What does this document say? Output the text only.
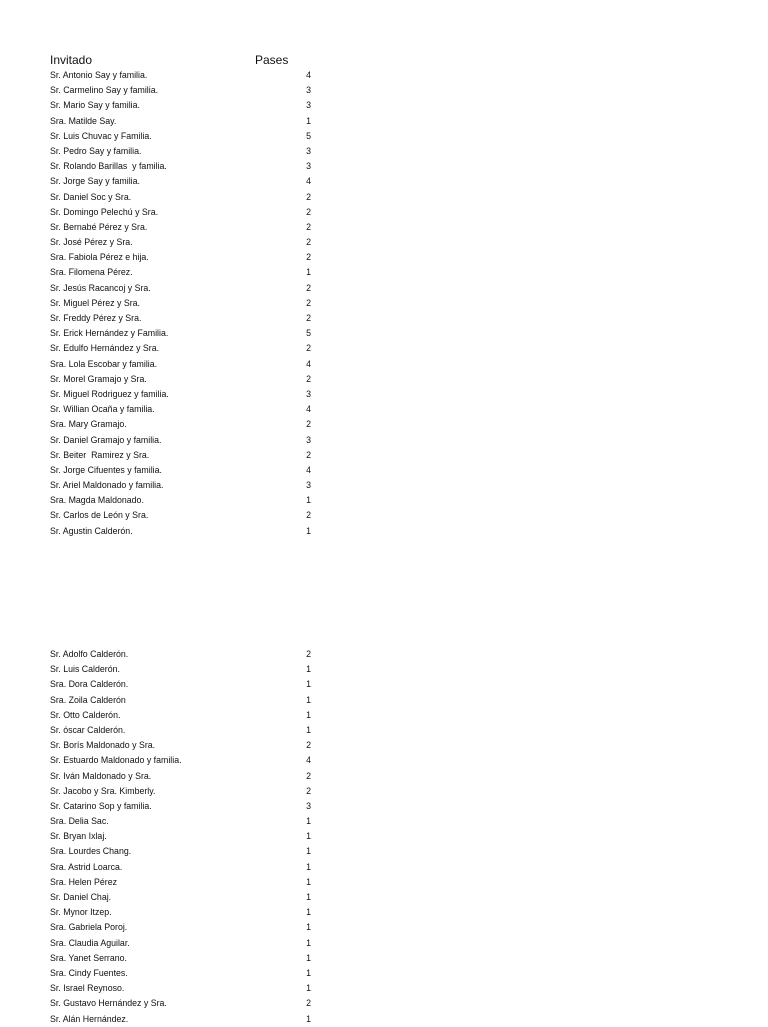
Invitado	Pases
Sr. Antonio Say y familia.	4
Sr. Carmelino Say y familia.	3
Sr. Mario Say y familia.	3
Sra. Matilde Say.	1
Sr. Luis Chuvac y Familia.	5
Sr. Pedro Say y familia.	3
Sr. Rolando Barillas  y familia.	3
Sr. Jorge Say y familia.	4
Sr. Daniel Soc y Sra.	2
Sr. Domingo Pelechú y Sra.	2
Sr. Bernabé Pérez y Sra.	2
Sr. José Pérez y Sra.	2
Sra. Fabiola Pérez e hija.	2
Sra. Filomena Pérez.	1
Sr. Jesús Racancoj y Sra.	2
Sr. Miguel Pérez y Sra.	2
Sr. Freddy Pérez y Sra.	2
Sr. Erick Hernández y Familia.	5
Sr. Edulfo Hernández y Sra.	2
Sra. Lola Escobar y familia.	4
Sr. Morel Gramajo y Sra.	2
Sr. Miguel Rodriguez y familia.	3
Sr. Willian Ocaña y familia.	4
Sra. Mary Gramajo.	2
Sr. Daniel Gramajo y familia.	3
Sr. Beiter  Ramirez y Sra.	2
Sr. Jorge Cifuentes y familia.	4
Sr. Ariel Maldonado y familia.	3
Sra. Magda Maldonado.	1
Sr. Carlos de León y Sra.	2
Sr. Agustin Calderón.	1
Sr. Adolfo Calderón.	2
Sr. Luis Calderón.	1
Sra. Dora Calderón.	1
Sra. Zoila Calderón	1
Sr. Otto Calderón.	1
Sr. óscar Calderón.	1
Sr. Borís Maldonado y Sra.	2
Sr. Estuardo Maldonado y familia.	4
Sr. Iván Maldonado y Sra.	2
Sr. Jacobo y Sra. Kimberly.	2
Sr. Catarino Sop y familia.	3
Sra. Delia Sac.	1
Sr. Bryan Ixlaj.	1
Sra. Lourdes Chang.	1
Sra. Astrid Loarca.	1
Sra. Helen Pérez	1
Sr. Daniel Chaj.	1
Sr. Mynor Itzep.	1
Sra. Gabriela Poroj.	1
Sra. Claudia Aguilar.	1
Sra. Yanet Serrano.	1
Sra. Cindy Fuentes.	1
Sr. Israel Reynoso.	1
Sr. Gustavo Hernández y Sra.	2
Sr. Alán Hernández.	1
